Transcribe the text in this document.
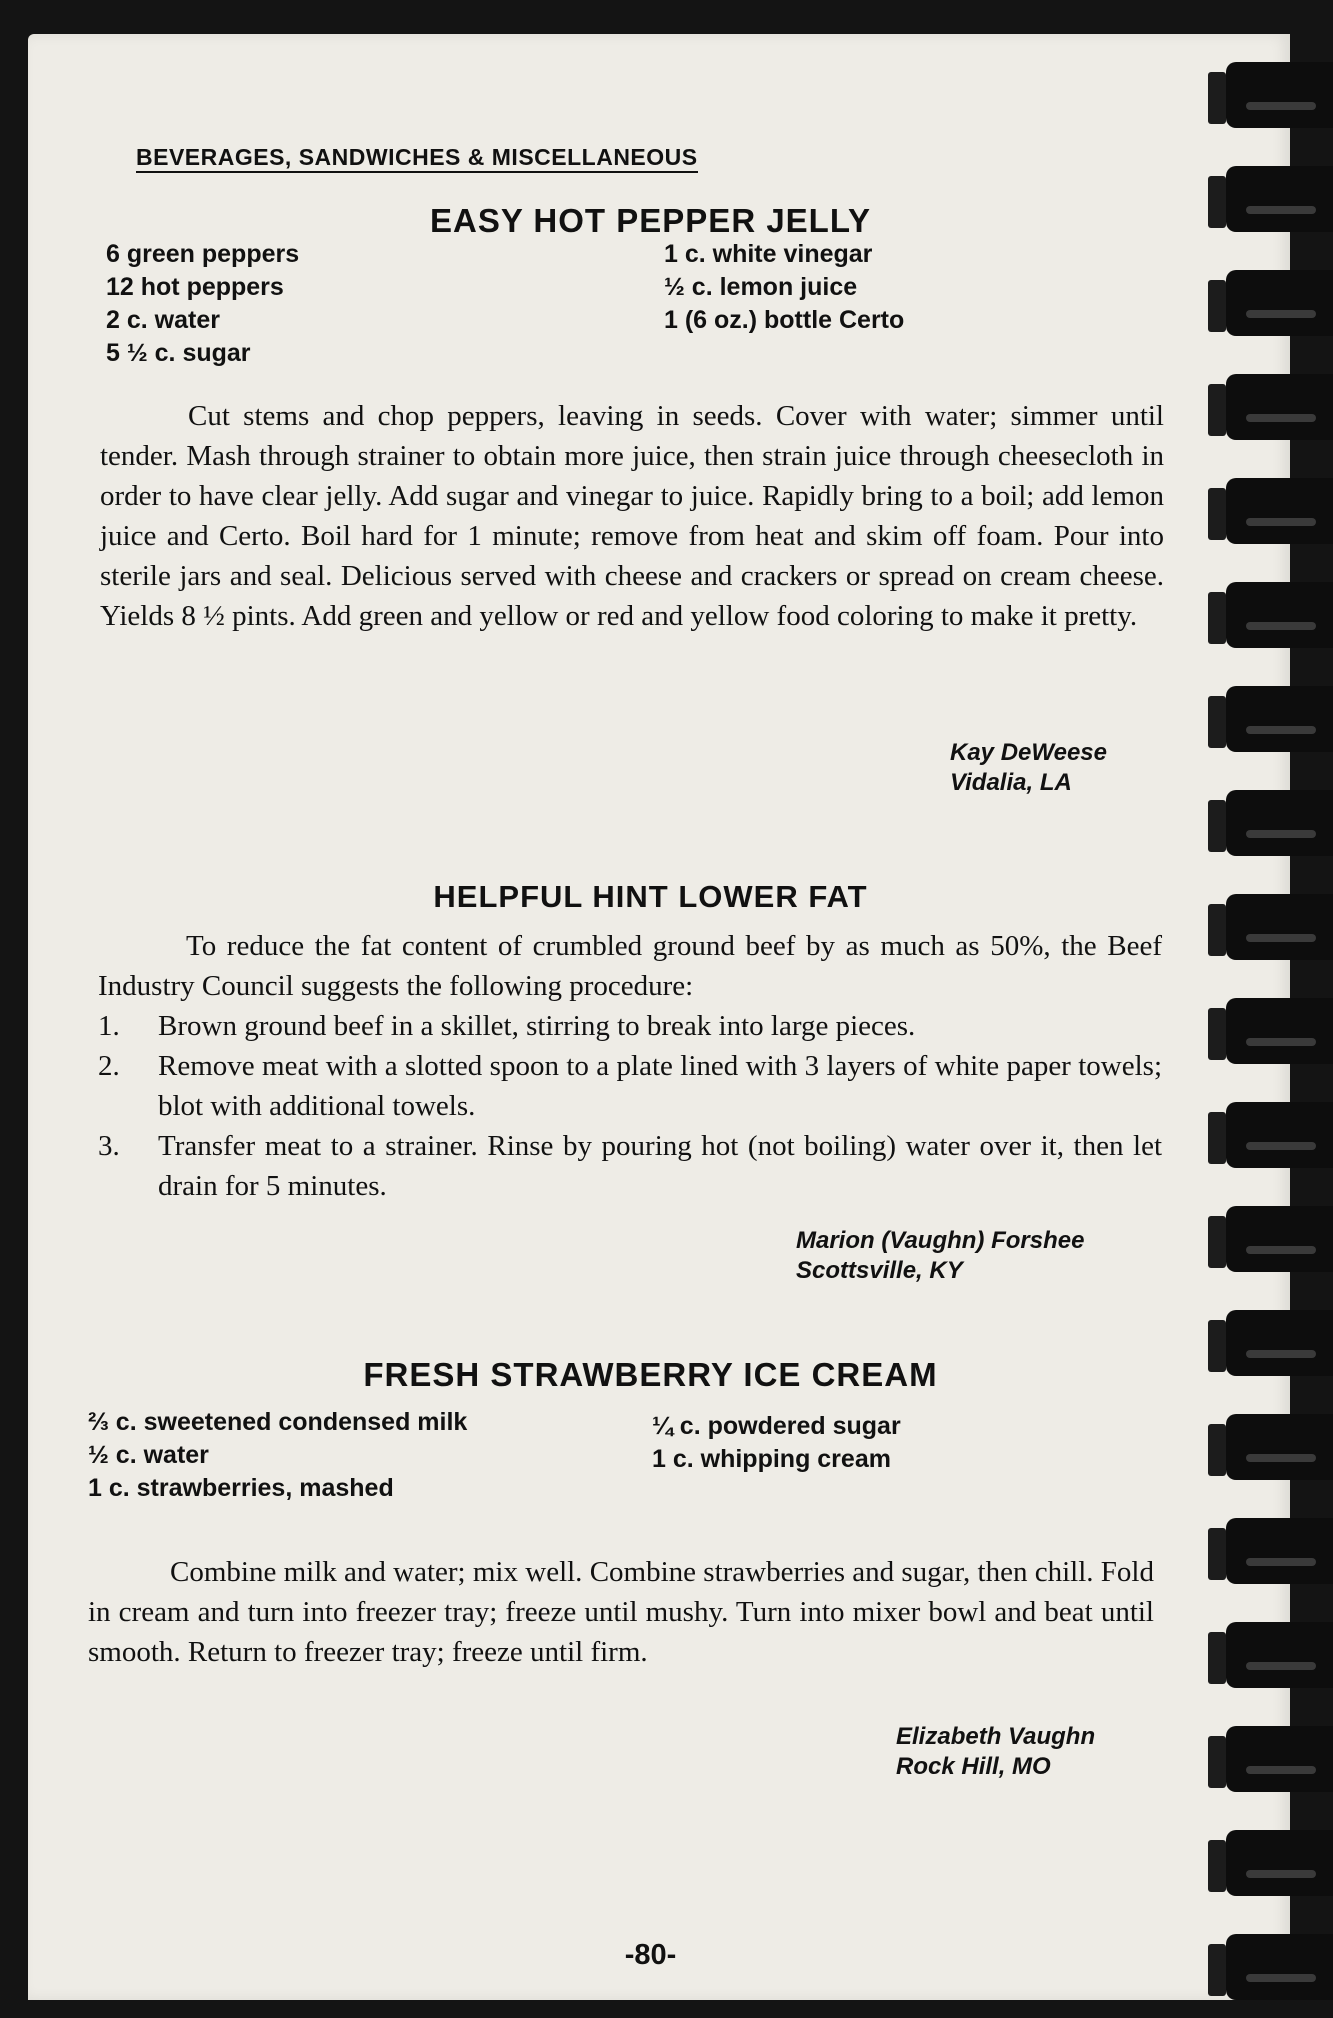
BEVERAGES, SANDWICHES & MISCELLANEOUS
EASY HOT PEPPER JELLY
6 green peppers
12 hot peppers
2 c. water
5 ½ c. sugar
1 c. white vinegar
½ c. lemon juice
1 (6 oz.) bottle Certo

Cut stems and chop peppers, leaving in seeds. Cover with water; simmer until tender. Mash through strainer to obtain more juice, then strain juice through cheesecloth in order to have clear jelly. Add sugar and vinegar to juice. Rapidly bring to a boil; add lemon juice and Certo. Boil hard for 1 minute; remove from heat and skim off foam. Pour into sterile jars and seal. Delicious served with cheese and crackers or spread on cream cheese. Yields 8 ½ pints. Add green and yellow or red and yellow food coloring to make it pretty.

Kay DeWeese
Vidalia, LA
HELPFUL HINT LOWER FAT

To reduce the fat content of crumbled ground beef by as much as 50%, the Beef Industry Council suggests the following procedure:

1.	Brown ground beef in a skillet, stirring to break into large pieces.
2.	Remove meat with a slotted spoon to a plate lined with 3 layers of white paper towels; blot with additional towels.
3.	Transfer meat to a strainer. Rinse by pouring hot (not boiling) water over it, then let drain for 5 minutes.
Marion (Vaughn) Forshee
Scottsville, KY
FRESH STRAWBERRY ICE CREAM
⅔ c. sweetened condensed milk
½ c. water
1 c. strawberries, mashed
¼ c. powdered sugar
1 c. whipping cream

Combine milk and water; mix well. Combine strawberries and sugar, then chill. Fold in cream and turn into freezer tray; freeze until mushy. Turn into mixer bowl and beat until smooth. Return to freezer tray; freeze until firm.

Elizabeth Vaughn
Rock Hill, MO
-80-
